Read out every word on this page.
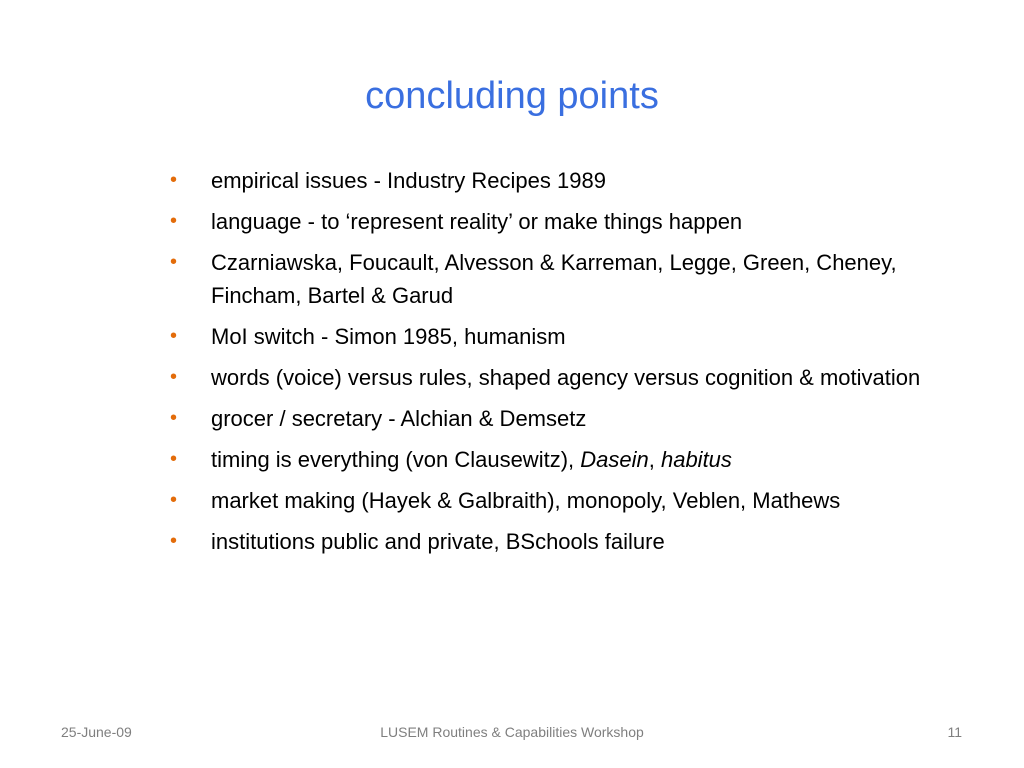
concluding points
• empirical issues - Industry Recipes 1989
• language - to ‘represent reality’ or make things happen
• Czarniawska, Foucault, Alvesson & Karreman, Legge, Green, Cheney, Fincham, Bartel & Garud
• MoI switch - Simon 1985, humanism
• words (voice) versus rules, shaped agency versus cognition & motivation
• grocer / secretary - Alchian & Demsetz
• timing is everything (von Clausewitz), Dasein, habitus
• market making (Hayek & Galbraith), monopoly, Veblen, Mathews
• institutions public and private, BSchools failure
25-June-09	LUSEM Routines & Capabilities Workshop	11
